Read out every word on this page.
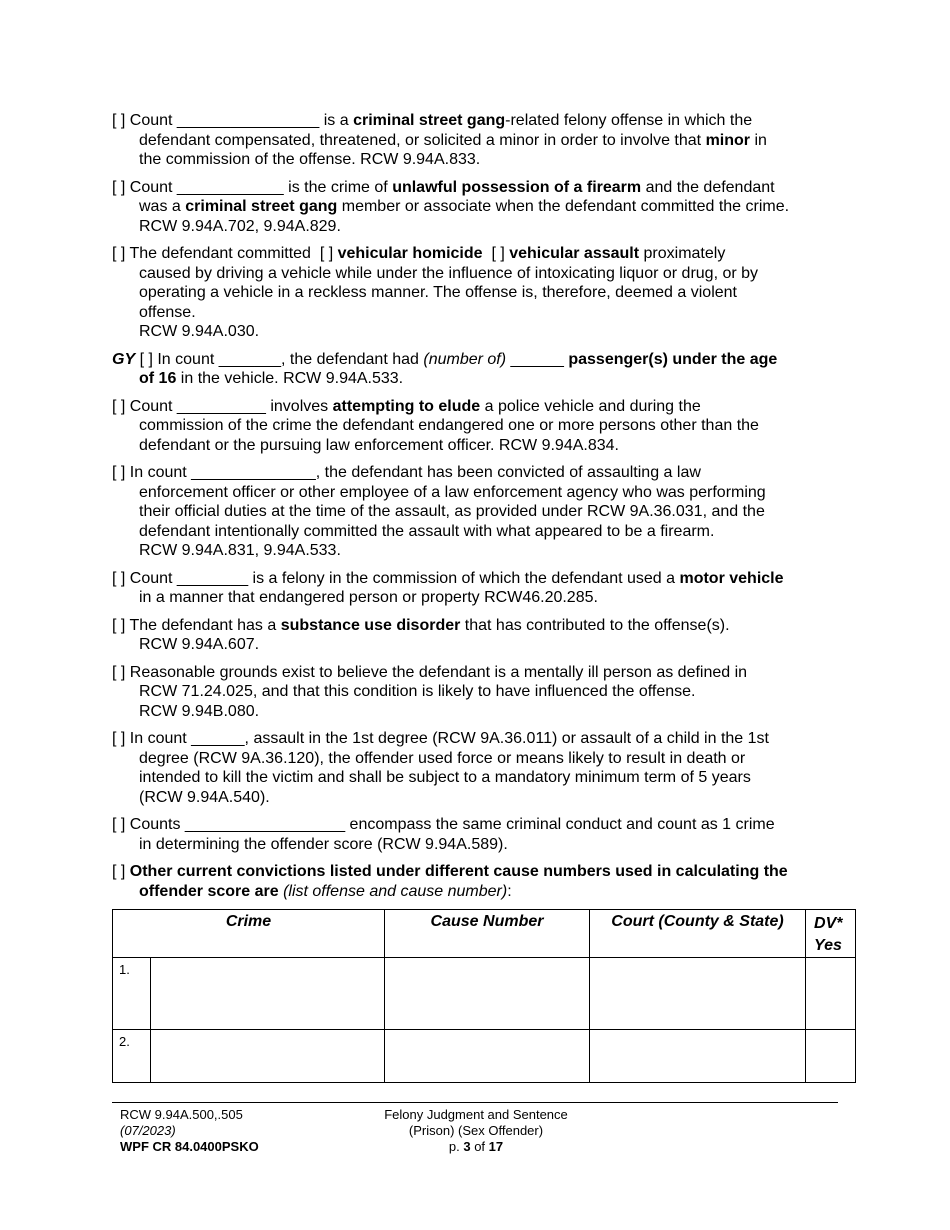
[ ] Count ________________ is a criminal street gang-related felony offense in which the
defendant compensated, threatened, or solicited a minor in order to involve that minor in
the commission of the offense. RCW 9.94A.833.
[ ] Count ____________ is the crime of unlawful possession of a firearm and the defendant
was a criminal street gang member or associate when the defendant committed the crime.
RCW 9.94A.702, 9.94A.829.
[ ] The defendant committed  [ ] vehicular homicide  [ ] vehicular assault proximately
caused by driving a vehicle while under the influence of intoxicating liquor or drug, or by
operating a vehicle in a reckless manner. The offense is, therefore, deemed a violent
offense.
RCW 9.94A.030.
GY [ ] In count _______, the defendant had (number of) ______ passenger(s) under the age
of 16 in the vehicle. RCW 9.94A.533.
[ ] Count __________ involves attempting to elude a police vehicle and during the
commission of the crime the defendant endangered one or more persons other than the
defendant or the pursuing law enforcement officer. RCW 9.94A.834.
[ ] In count ______________, the defendant has been convicted of assaulting a law
enforcement officer or other employee of a law enforcement agency who was performing
their official duties at the time of the assault, as provided under RCW 9A.36.031, and the
defendant intentionally committed the assault with what appeared to be a firearm.
RCW 9.94A.831, 9.94A.533.
[ ] Count ________ is a felony in the commission of which the defendant used a motor vehicle
in a manner that endangered person or property RCW46.20.285.
[ ] The defendant has a substance use disorder that has contributed to the offense(s).
RCW 9.94A.607.
[ ] Reasonable grounds exist to believe the defendant is a mentally ill person as defined in
RCW 71.24.025, and that this condition is likely to have influenced the offense.
RCW 9.94B.080.
[ ] In count ______, assault in the 1st degree (RCW 9A.36.011) or assault of a child in the 1st
degree (RCW 9A.36.120), the offender used force or means likely to result in death or
intended to kill the victim and shall be subject to a mandatory minimum term of 5 years
(RCW 9.94A.540).
[ ] Counts __________________ encompass the same criminal conduct and count as 1 crime
in determining the offender score (RCW 9.94A.589).
[ ] Other current convictions listed under different cause numbers used in calculating the
offender score are (list offense and cause number):
Crime		Cause Number	Court (County & State)	DV* Yes
1.				
2.				
RCW 9.94A.500,.505
(07/2023)
WPF CR 84.0400PSKO
Felony Judgment and Sentence
(Prison) (Sex Offender)
p. 3 of 17
